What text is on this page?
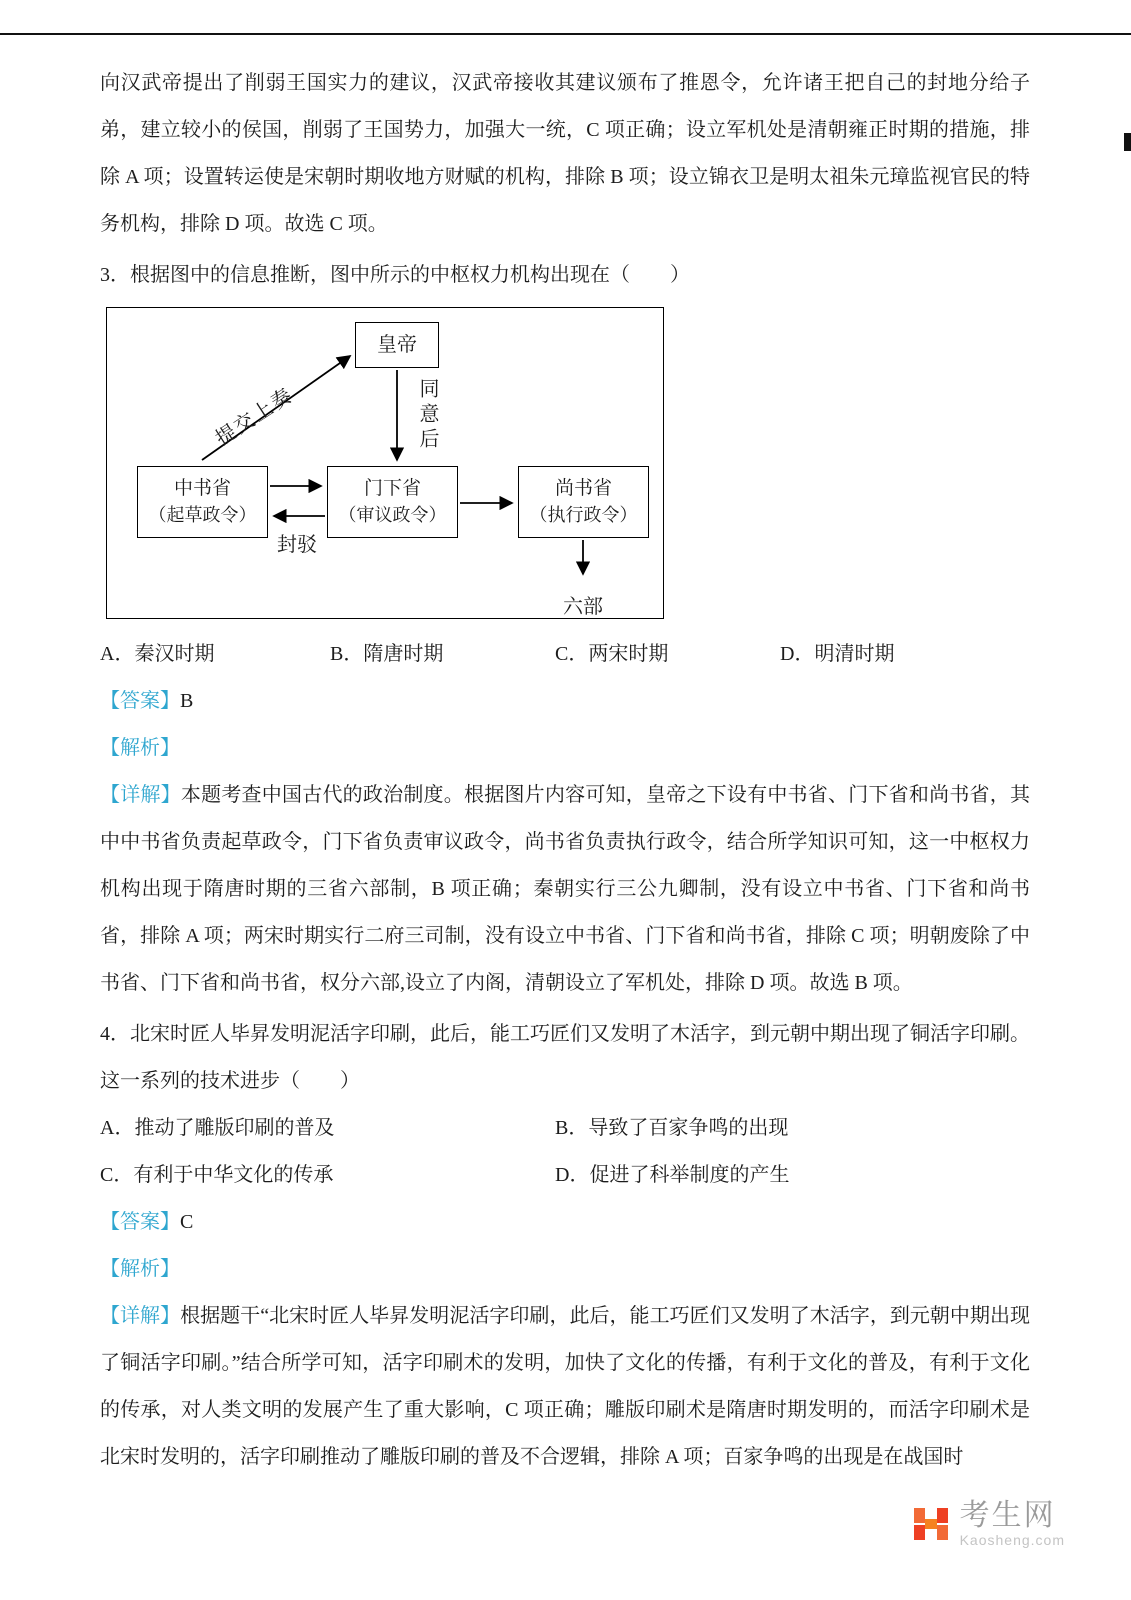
向汉武帝提出了削弱王国实力的建议，汉武帝接收其建议颁布了推恩令，允许诸王把自己的封地分给子弟，建立较小的侯国，削弱了王国势力，加强大一统，C 项正确；设立军机处是清朝雍正时期的措施，排除 A 项；设置转运使是宋朝时期收地方财赋的机构，排除 B 项；设立锦衣卫是明太祖朱元璋监视官民的特务机构，排除 D 项。故选 C 项。

3．根据图中的信息推断，图中所示的中枢权力机构出现在（　　）

皇帝
提交上奏	同意后
中书省
（起草政令）
门下省
（审议政令）
尚书省
（执行政令）
封驳
六部
A．秦汉时期	B．隋唐时期	C．两宋时期	D．明清时期

【答案】B

【解析】

【详解】本题考查中国古代的政治制度。根据图片内容可知，皇帝之下设有中书省、门下省和尚书省，其中中书省负责起草政令，门下省负责审议政令，尚书省负责执行政令，结合所学知识可知，这一中枢权力机构出现于隋唐时期的三省六部制，B 项正确；秦朝实行三公九卿制，没有设立中书省、门下省和尚书省，排除 A 项；两宋时期实行二府三司制，没有设立中书省、门下省和尚书省，排除 C 项；明朝废除了中书省、门下省和尚书省，权分六部,设立了内阁，清朝设立了军机处，排除 D 项。故选 B 项。

4．北宋时匠人毕昇发明泥活字印刷，此后，能工巧匠们又发明了木活字，到元朝中期出现了铜活字印刷。这一系列的技术进步（　　）

A．推动了雕版印刷的普及	B．导致了百家争鸣的出现
C．有利于中华文化的传承	D．促进了科举制度的产生

【答案】C

【解析】

【详解】根据题干“北宋时匠人毕昇发明泥活字印刷，此后，能工巧匠们又发明了木活字，到元朝中期出现了铜活字印刷。”结合所学可知，活字印刷术的发明，加快了文化的传播，有利于文化的普及，有利于文化的传承，对人类文明的发展产生了重大影响，C 项正确；雕版印刷术是隋唐时期发明的，而活字印刷术是北宋时发明的，活字印刷推动了雕版印刷的普及不合逻辑，排除 A 项；百家争鸣的出现是在战国时

考生网
Kaosheng.com
